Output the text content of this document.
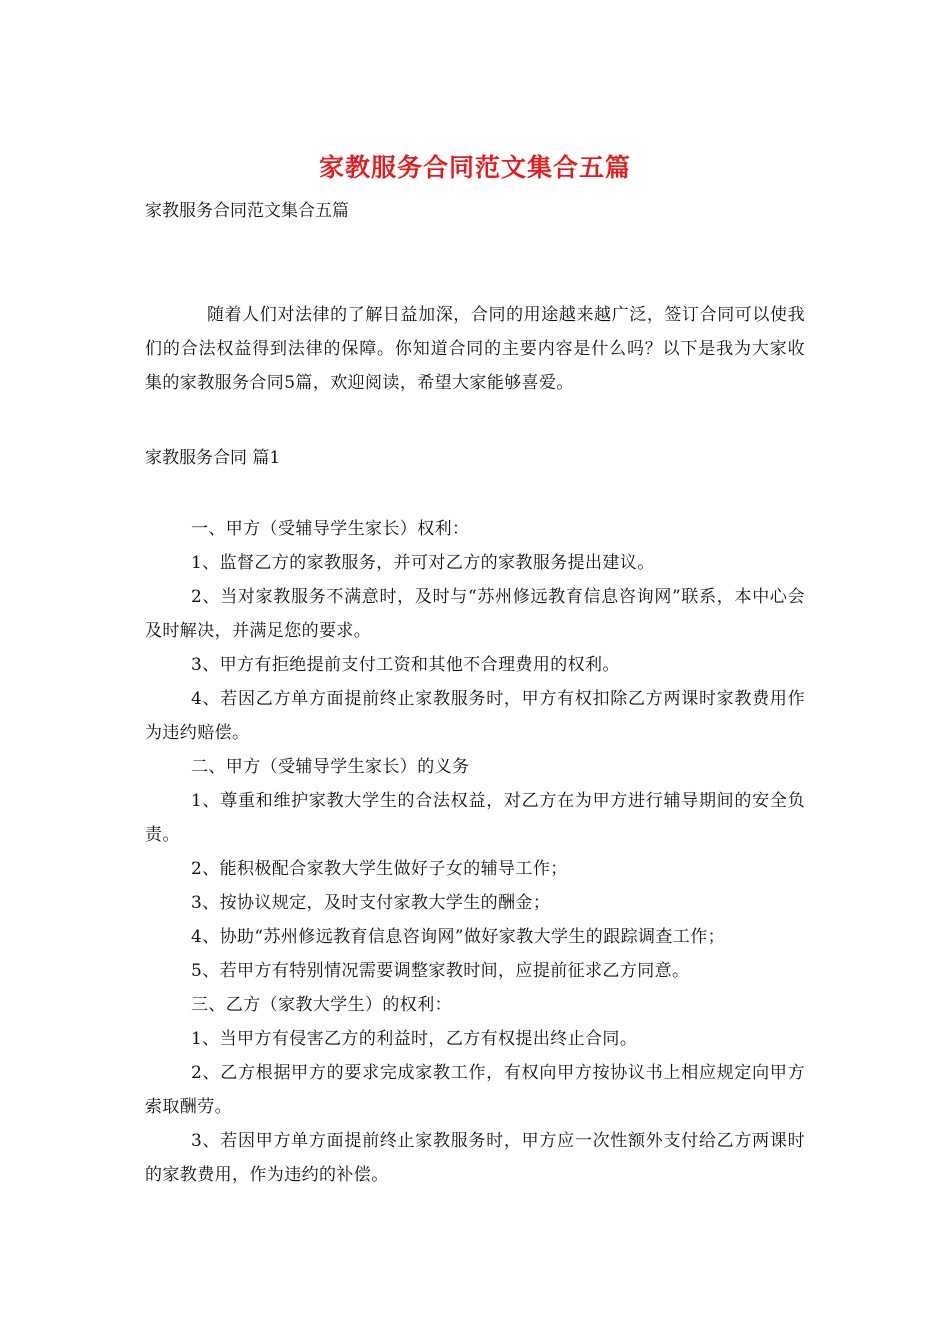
家教服务合同范文集合五篇
家教服务合同范文集合五篇

随着人们对法律的了解日益加深，合同的用途越来越广泛，签订合同可以使我们的合法权益得到法律的保障。你知道合同的主要内容是什么吗？以下是我为大家收集的家教服务合同5篇，欢迎阅读，希望大家能够喜爱。

家教服务合同 篇1

一、甲方（受辅导学生家长）权利：

1、监督乙方的家教服务，并可对乙方的家教服务提出建议。

2、当对家教服务不满意时，及时与“苏州修远教育信息咨询网”联系，本中心会及时解决，并满足您的要求。

3、甲方有拒绝提前支付工资和其他不合理费用的权利。

4、若因乙方单方面提前终止家教服务时，甲方有权扣除乙方两课时家教费用作为违约赔偿。

二、甲方（受辅导学生家长）的义务

1、尊重和维护家教大学生的合法权益，对乙方在为甲方进行辅导期间的安全负责。

2、能积极配合家教大学生做好子女的辅导工作；

3、按协议规定，及时支付家教大学生的酬金；

4、协助“苏州修远教育信息咨询网”做好家教大学生的跟踪调查工作；

5、若甲方有特别情况需要调整家教时间，应提前征求乙方同意。

三、乙方（家教大学生）的权利：

1、当甲方有侵害乙方的利益时，乙方有权提出终止合同。

2、乙方根据甲方的要求完成家教工作，有权向甲方按协议书上相应规定向甲方索取酬劳。

3、若因甲方单方面提前终止家教服务时，甲方应一次性额外支付给乙方两课时的家教费用，作为违约的补偿。
